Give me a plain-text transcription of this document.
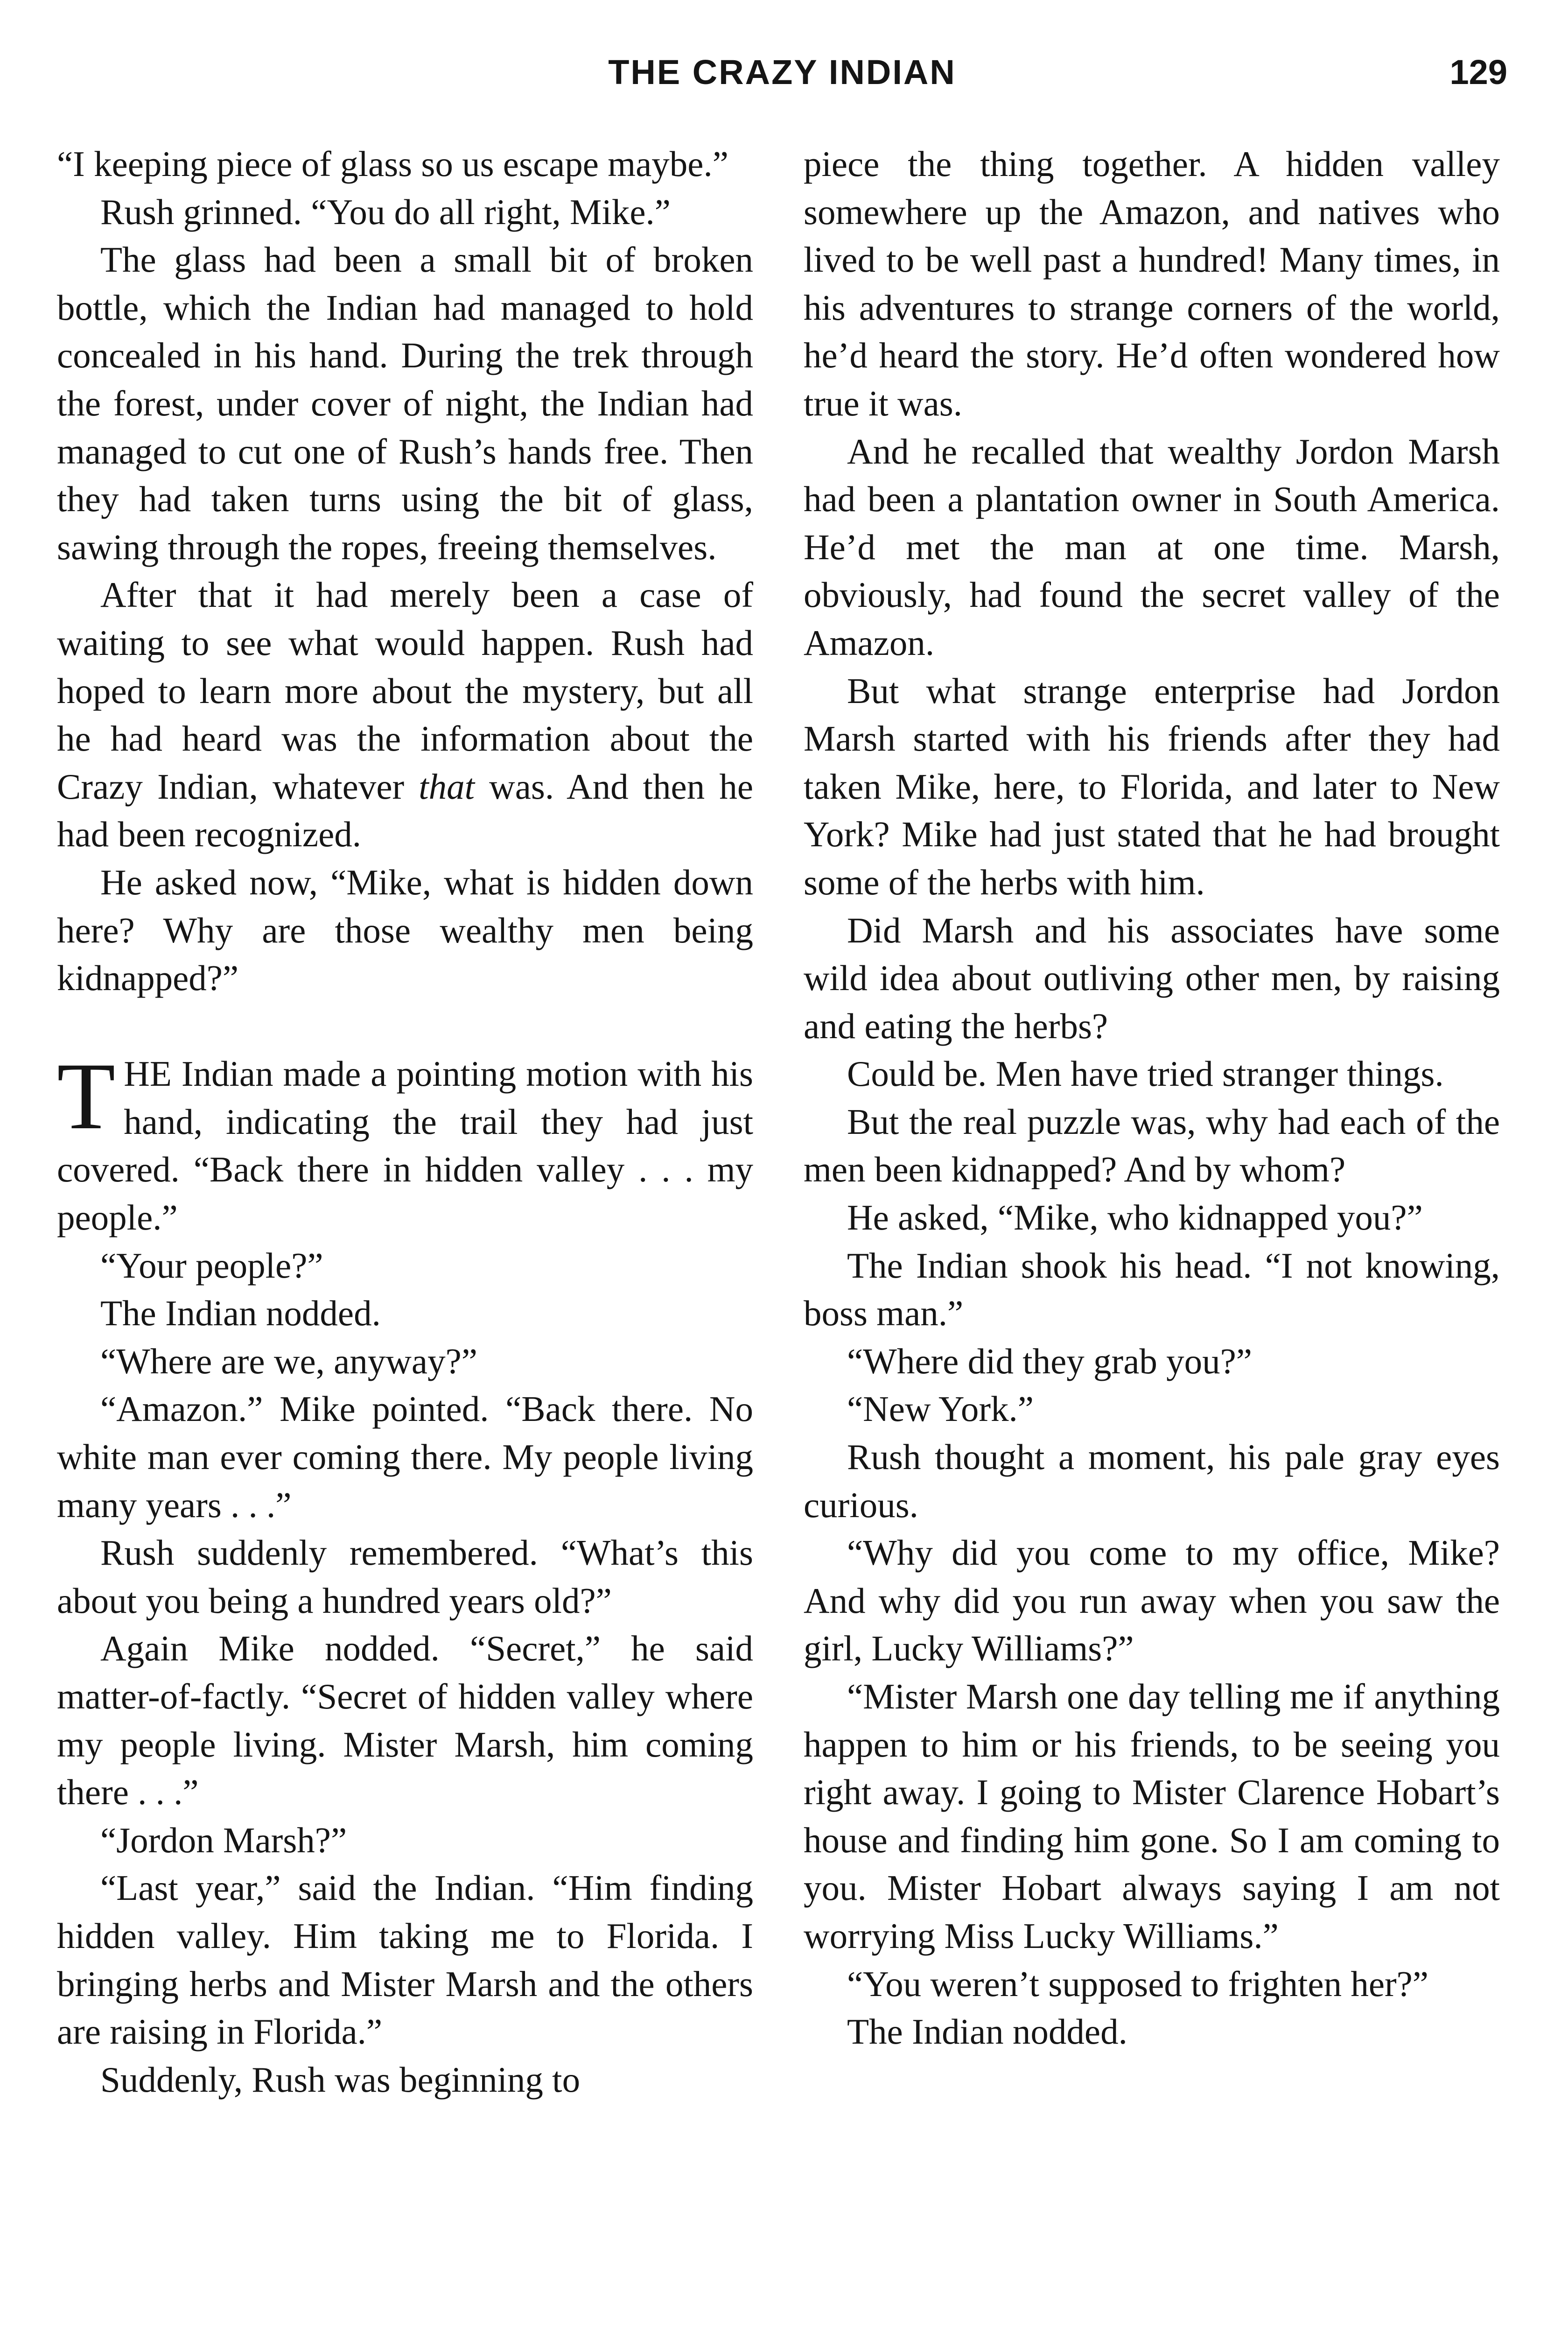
THE CRAZY INDIAN	129

“I keeping piece of glass so us escape maybe.”

Rush grinned. “You do all right, Mike.”

The glass had been a small bit of broken bottle, which the Indian had managed to hold concealed in his hand. During the trek through the forest, under cover of night, the Indian had managed to cut one of Rush’s hands free. Then they had taken turns using the bit of glass, sawing through the ropes, freeing themselves.

After that it had merely been a case of waiting to see what would happen. Rush had hoped to learn more about the mystery, but all he had heard was the information about the Crazy Indian, whatever that was. And then he had been recognized.

He asked now, “Mike, what is hidden down here? Why are those wealthy men being kidnapped?”

THE Indian made a pointing motion with his hand, indicating the trail they had just covered. “Back there in hidden valley . . . my people.”

“Your people?”

The Indian nodded.

“Where are we, anyway?”

“Amazon.” Mike pointed. “Back there. No white man ever coming there. My people living many years . . .”

Rush suddenly remembered. “What’s this about you being a hundred years old?”

Again Mike nodded. “Secret,” he said matter-of-factly. “Secret of hidden valley where my people living. Mister Marsh, him coming there . . .”

“Jordon Marsh?”

“Last year,” said the Indian. “Him finding hidden valley. Him taking me to Florida. I bringing herbs and Mister Marsh and the others are raising in Florida.”

Suddenly, Rush was beginning to

piece the thing together. A hidden valley somewhere up the Amazon, and natives who lived to be well past a hundred! Many times, in his adventures to strange corners of the world, he’d heard the story. He’d often wondered how true it was.

And he recalled that wealthy Jordon Marsh had been a plantation owner in South America. He’d met the man at one time. Marsh, obviously, had found the secret valley of the Amazon.

But what strange enterprise had Jordon Marsh started with his friends after they had taken Mike, here, to Florida, and later to New York? Mike had just stated that he had brought some of the herbs with him.

Did Marsh and his associates have some wild idea about outliving other men, by raising and eating the herbs?

Could be. Men have tried stranger things.

But the real puzzle was, why had each of the men been kidnapped? And by whom?

He asked, “Mike, who kidnapped you?”

The Indian shook his head. “I not knowing, boss man.”

“Where did they grab you?”

“New York.”

Rush thought a moment, his pale gray eyes curious.

“Why did you come to my office, Mike? And why did you run away when you saw the girl, Lucky Williams?”

“Mister Marsh one day telling me if anything happen to him or his friends, to be seeing you right away. I going to Mister Clarence Hobart’s house and finding him gone. So I am coming to you. Mister Hobart always saying I am not worrying Miss Lucky Williams.”

“You weren’t supposed to frighten her?”

The Indian nodded.
